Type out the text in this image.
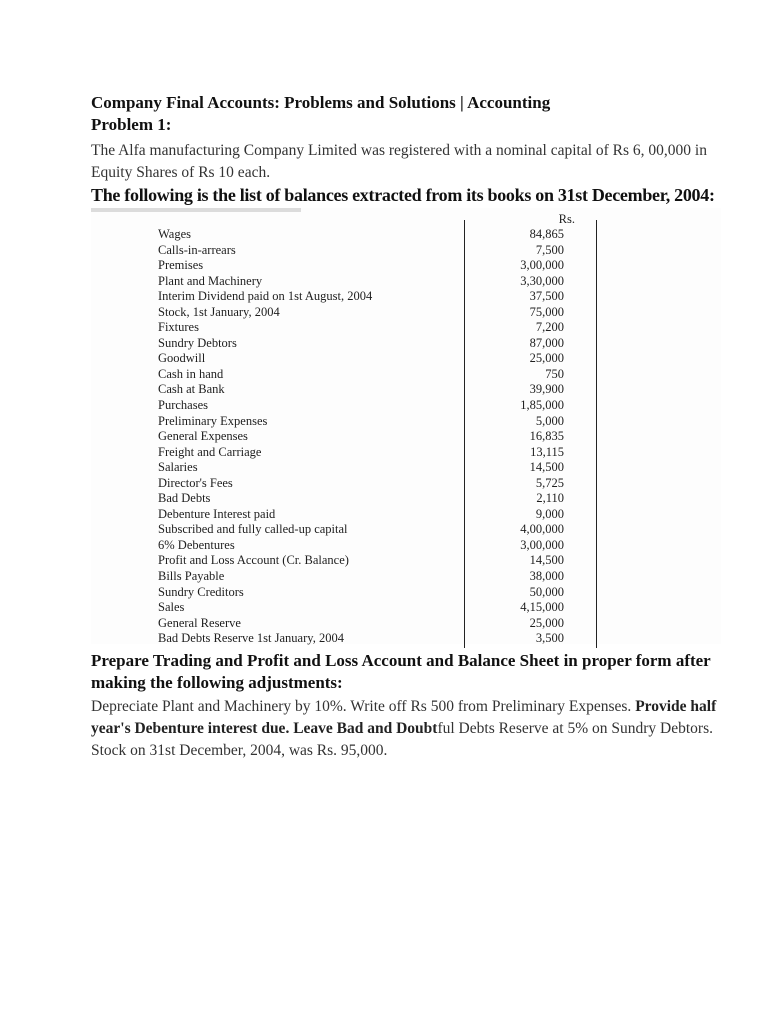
Company Final Accounts: Problems and Solutions | Accounting

Problem 1:

The Alfa manufacturing Company Limited was registered with a nominal capital of Rs 6, 00,000 in Equity Shares of Rs 10 each.

The following is the list of balances extracted from its books on 31st December, 2004:

Rs.
Wages	84,865
Calls-in-arrears	7,500
Premises	3,00,000
Plant and Machinery	3,30,000
Interim Dividend paid on 1st August, 2004	37,500
Stock, 1st January, 2004	75,000
Fixtures	7,200
Sundry Debtors	87,000
Goodwill	25,000
Cash in hand	750
Cash at Bank	39,900
Purchases	1,85,000
Preliminary Expenses	5,000
General Expenses	16,835
Freight and Carriage	13,115
Salaries	14,500
Director's Fees	5,725
Bad Debts	2,110
Debenture Interest paid	9,000
Subscribed and fully called-up capital	4,00,000
6% Debentures	3,00,000
Profit and Loss Account (Cr. Balance)	14,500
Bills Payable	38,000
Sundry Creditors	50,000
Sales	4,15,000
General Reserve	25,000
Bad Debts Reserve 1st January, 2004	3,500

Prepare Trading and Profit and Loss Account and Balance Sheet in proper form after making the following adjustments:

Depreciate Plant and Machinery by 10%. Write off Rs 500 from Preliminary Expenses. Provide half year's Debenture interest due. Leave Bad and Doubtful Debts Reserve at 5% on Sundry Debtors. Stock on 31st December, 2004, was Rs. 95,000.
